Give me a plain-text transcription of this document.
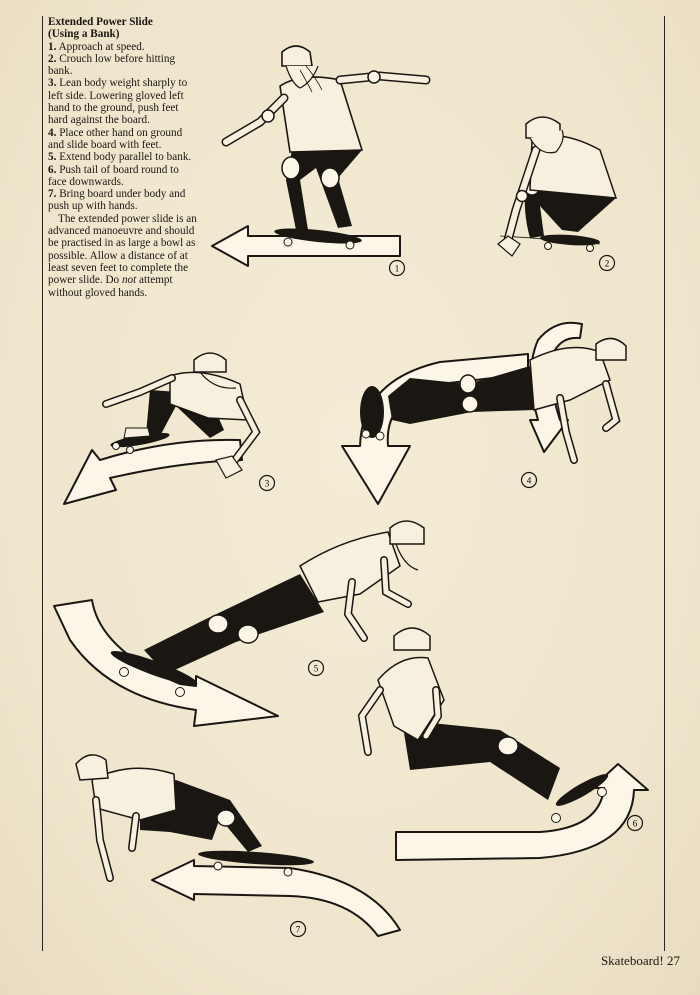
Extended Power Slide

(Using a Bank)

1. Approach at speed.

2. Crouch low before hitting bank.

3. Lean body weight sharply to left side. Lowering gloved left hand to the ground, push feet hard against the board.

4. Place other hand on ground and slide board with feet.

5. Extend body parallel to bank.

6. Push tail of board round to face downwards.

7. Bring board under body and push up with hands.

The extended power slide is an advanced manoeuvre and should be practised in as large a bowl as possible. Allow a distance of at least seven feet to complete the power slide. Do not attempt without gloved hands.

1	2
3	4
5
6
7
Skateboard! 27
